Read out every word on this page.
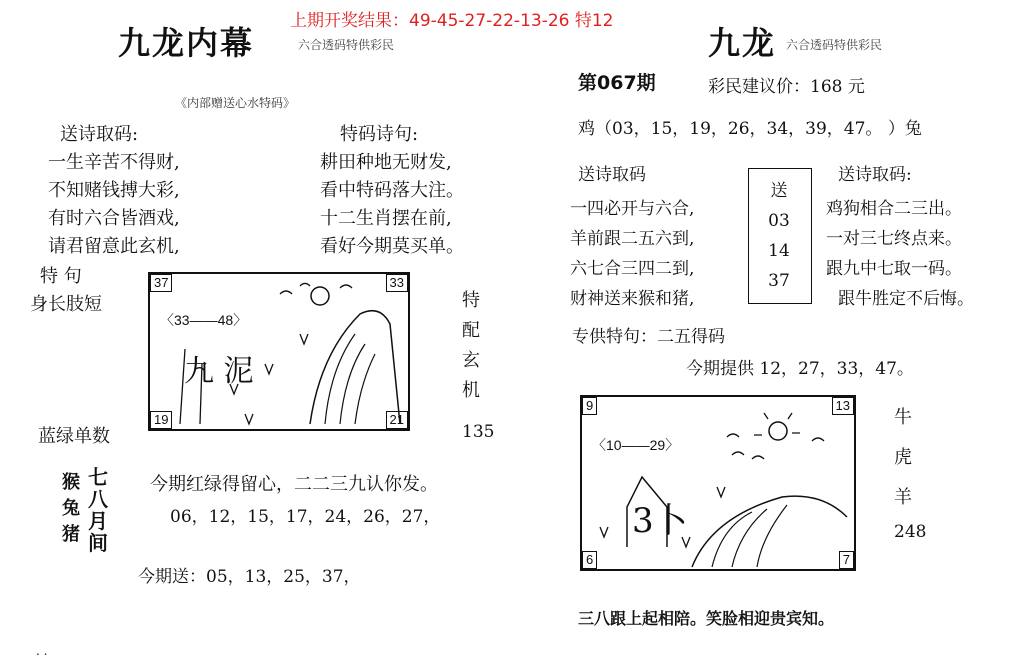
上期开奖结果：49-45-27-22-13-26 特12
九龙内幕	六合透码特供彩民
《内部赠送心水特码》
送诗取码:	特码诗句:
一生辛苦不得财,
不知赌钱搏大彩,
有时六合皆酒戏,
请君留意此玄机,
耕田种地无财发,
看中特码落大注。
十二生肖摆在前,
看好今期莫买单。
特 句
身长肢短
蓝绿单数
37	33
19	21
〈33——48〉
九 泥
特
配
玄
机
135
猴
兔
猪
七
八
月
间
今期红绿得留心，二二三九认你发。
06，12，15，17，24，26，27，
今期送：05，13，25，37，
. .
九龙 六合透码特供彩民
第067期	彩民建议价：168 元
鸡（03，15，19，26，34，39，47。 ）兔
送诗取码	送诗取码:
一四必开与六合,
羊前跟二五六到,
六七合三四二到,
财神送来猴和猪,
送
03
14
37
鸡狗相合二三出。
一对三七终点来。
跟九中七取一码。
跟牛胜定不后悔。
专供特句：二五得码
今期提供 12，27，33，47。
9	13
6	7
〈10——29〉
3卜
牛
虎
羊
248
三八跟上起相陪。笑脸相迎贵宾知。
